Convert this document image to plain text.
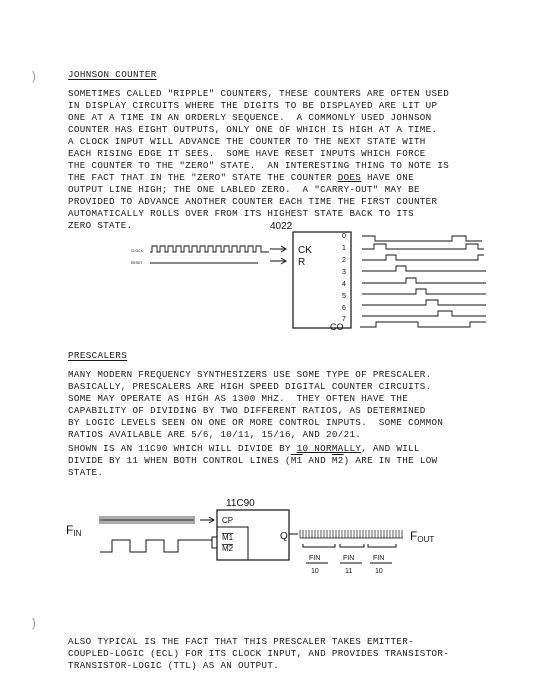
)
)
JOHNSON COUNTER
SOMETIMES CALLED "RIPPLE" COUNTERS, THESE COUNTERS ARE OFTEN USED
IN DISPLAY CIRCUITS WHERE THE DIGITS TO BE DISPLAYED ARE LIT UP
ONE AT A TIME IN AN ORDERLY SEQUENCE.  A COMMONLY USED JOHNSON
COUNTER HAS EIGHT OUTPUTS, ONLY ONE OF WHICH IS HIGH AT A TIME.
A CLOCK INPUT WILL ADVANCE THE COUNTER TO THE NEXT STATE WITH
EACH RISING EDGE IT SEES.  SOME HAVE RESET INPUTS WHICH FORCE
THE COUNTER TO THE "ZERO" STATE.  AN INTERESTING THING TO NOTE IS
THE FACT THAT IN THE "ZERO" STATE THE COUNTER DOES HAVE ONE
OUTPUT LINE HIGH; THE ONE LABLED ZERO.  A "CARRY-OUT" MAY BE
PROVIDED TO ADVANCE ANOTHER COUNTER EACH TIME THE FIRST COUNTER
AUTOMATICALLY ROLLS OVER FROM ITS HIGHEST STATE BACK TO ITS
ZERO STATE.	4022
CLOCK
RESET
CK
R
0
1
2
3
4
5
6
7
CO
11C90
FIN
CP
M1
M2
Q	FOUT
FIN
10
FIN
11
FIN
10
PRESCALERS
MANY MODERN FREQUENCY SYNTHESIZERS USE SOME TYPE OF PRESCALER.
BASICALLY, PRESCALERS ARE HIGH SPEED DIGITAL COUNTER CIRCUITS.
SOME MAY OPERATE AS HIGH AS 1300 MHZ.  THEY OFTEN HAVE THE
CAPABILITY OF DIVIDING BY TWO DIFFERENT RATIOS, AS DETERMINED
BY LOGIC LEVELS SEEN ON ONE OR MORE CONTROL INPUTS.  SOME COMMON
RATIOS AVAILABLE ARE 5/6, 10/11, 15/16, AND 20/21.
SHOWN IS AN 11C90 WHICH WILL DIVIDE BY 10 NORMALLY, AND WILL
DIVIDE BY 11 WHEN BOTH CONTROL LINES (M1 AND M2) ARE IN THE LOW
STATE.
ALSO TYPICAL IS THE FACT THAT THIS PRESCALER TAKES EMITTER-
COUPLED-LOGIC (ECL) FOR ITS CLOCK INPUT, AND PROVIDES TRANSISTOR-
TRANSISTOR-LOGIC (TTL) AS AN OUTPUT.
